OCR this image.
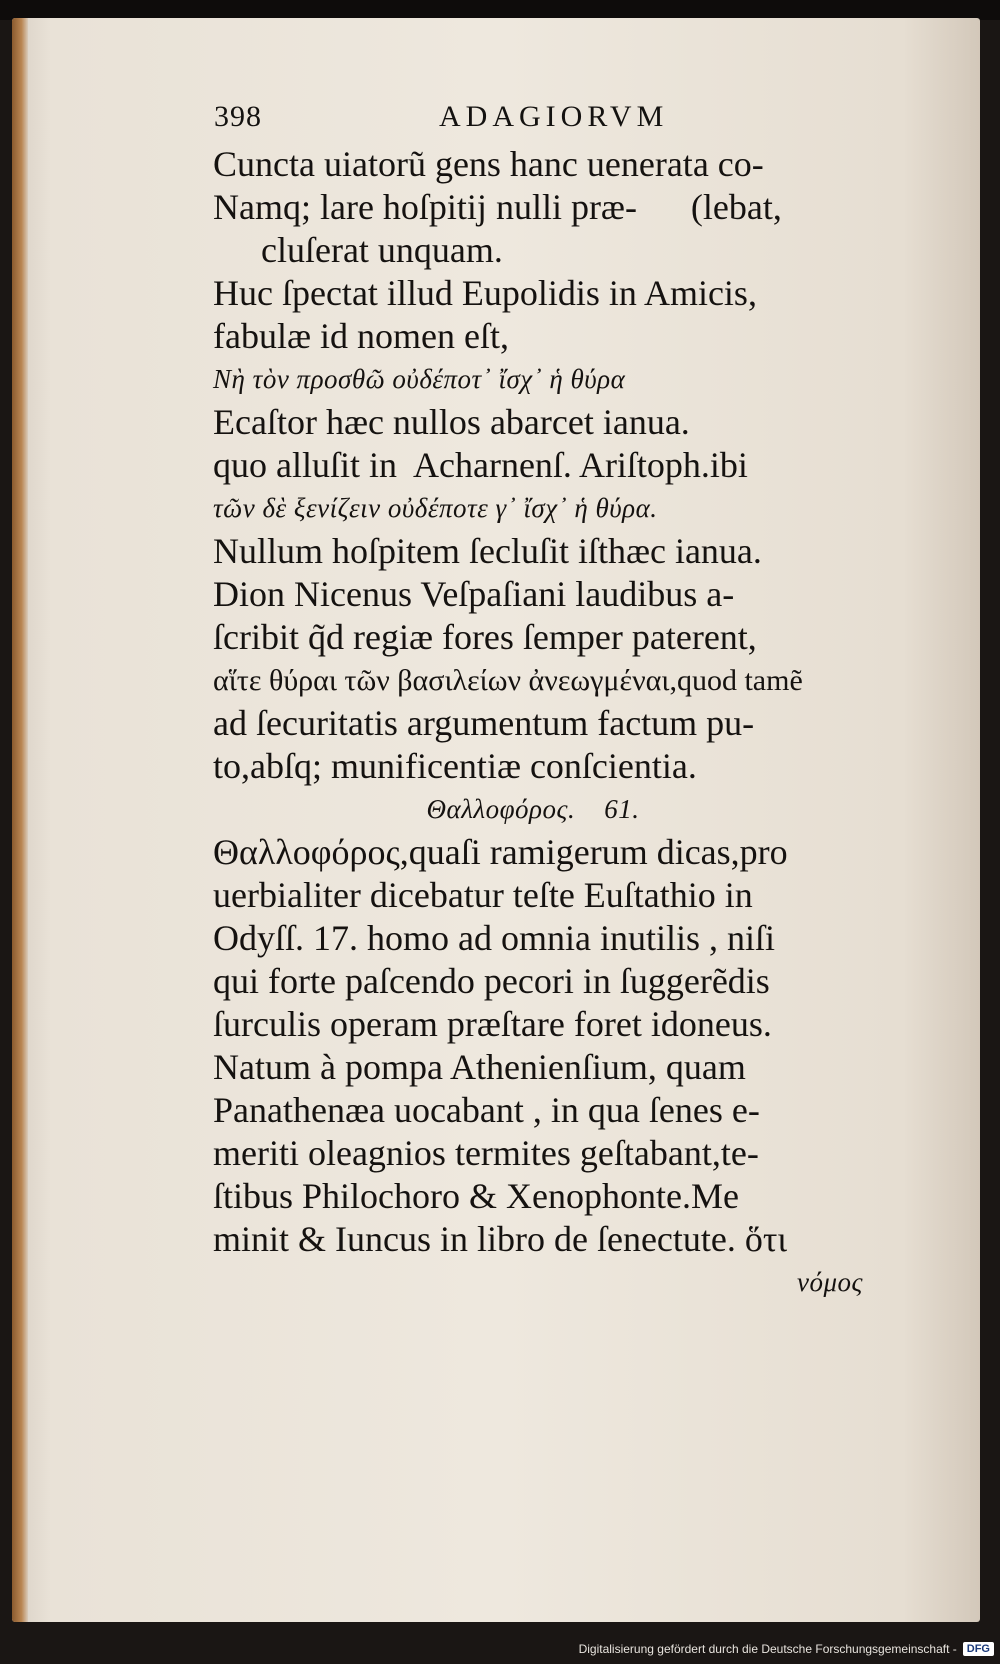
398	ADAGIORVM
Cuncta uiatorũ gens hanc uenerata co-
Namq; lare hoſpitij nulli præ-      (lebat,
cluſerat unquam.
Huc ſpectat illud Eupolidis in Amicis,
fabulæ id nomen eſt,
Νὴ τὸν προσθῶ οὐδέποτ᾽ ἴσχ᾽ ἡ θύρα
Ecaſtor hæc nullos abarcet ianua.
quo alluſit in  Acharnenſ. Ariſtoph.ibi
τῶν δὲ ξενίζειν οὐδέποτε γ᾽ ἴσχ᾽ ἡ θύρα.
Nullum hoſpitem ſecluſit iſthæc ianua.
Dion Nicenus Veſpaſiani laudibus a-
ſcribit q̃d regiæ fores ſemper paterent,
αἵτε θύραι τῶν βασιλείων ἀνεωγμέναι,quod tamẽ
ad ſecuritatis argumentum factum pu-
to,abſq; munificentiæ conſcientia.
Θαλλοφόρος.    61.
Θαλλοφόρος,quaſi ramigerum dicas,pro
uerbialiter dicebatur teſte Euſtathio in
Odyſſ. 17. homo ad omnia inutilis , niſi
qui forte paſcendo pecori in ſuggerẽdis
ſurculis operam præſtare foret idoneus.
Natum à pompa Athenienſium, quam
Panathenæa uocabant , in qua ſenes e-
meriti oleagnios termites geſtabant,te-
ſtibus Philochoro & Xenophonte.Me
minit & Iuncus in libro de ſenectute. ὅτι
νόμος
Digitalisierung gefördert durch die Deutsche Forschungsgemeinschaft - DFG
